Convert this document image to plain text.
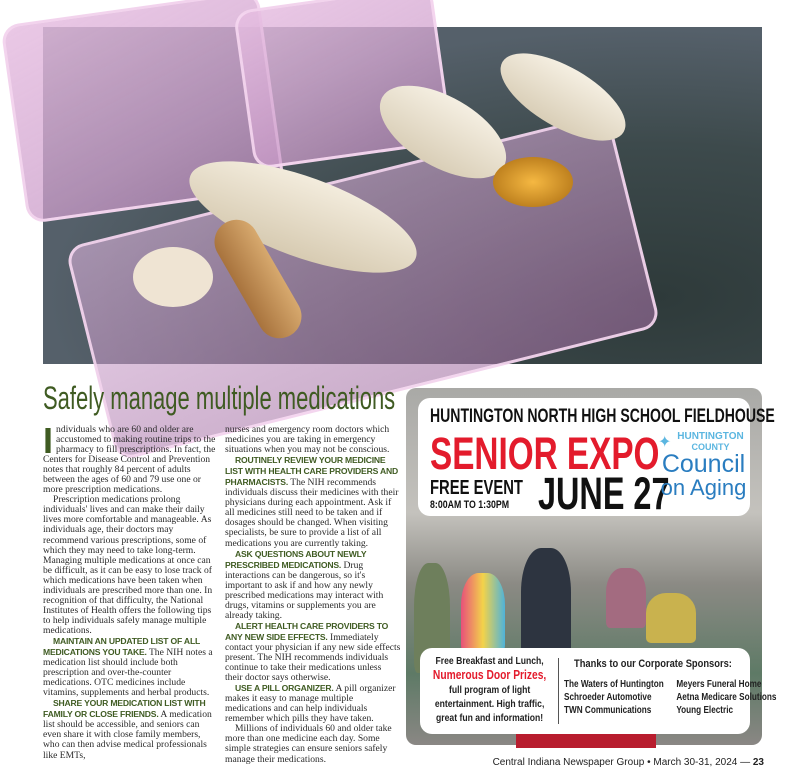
Safely manage multiple medications

Individuals who are 60 and older are accustomed to making routine trips to the pharmacy to fill prescriptions. In fact, the Centers for Disease Control and Prevention notes that roughly 84 percent of adults between the ages of 60 and 79 use one or more prescription medications.

Prescription medications prolong individuals' lives and can make their daily lives more comfortable and manageable. As individuals age, their doctors may recommend various prescriptions, some of which they may need to take long-term. Managing multiple medications at once can be difficult, as it can be easy to lose track of which medications have been taken when individuals are prescribed more than one. In recognition of that difficulty, the National Institutes of Health offers the following tips to help individuals safely manage multiple medications.

MAINTAIN AN UPDATED LIST OF ALL MEDICATIONS YOU TAKE. The NIH notes a medication list should include both prescription and over-the-counter medications. OTC medicines include vitamins, supplements and herbal products.

SHARE YOUR MEDICATION LIST WITH FAMILY OR CLOSE FRIENDS. A medication list should be accessible, and seniors can even share it with close family members, who can then advise medical professionals like EMTs,

nurses and emergency room doctors which medicines you are taking in emergency situations when you may not be conscious.

ROUTINELY REVIEW YOUR MEDICINE LIST WITH HEALTH CARE PROVIDERS AND PHARMACISTS. The NIH recommends individuals discuss their medicines with their physicians during each appointment. Ask if all medicines still need to be taken and if dosages should be changed. When visiting specialists, be sure to provide a list of all medications you are currently taking.

ASK QUESTIONS ABOUT NEWLY PRESCRIBED MEDICATIONS. Drug interactions can be dangerous, so it's important to ask if and how any newly prescribed medications may interact with drugs, vitamins or supplements you are already taking.

ALERT HEALTH CARE PROVIDERS TO ANY NEW SIDE EFFECTS. Immediately contact your physician if any new side effects present. The NIH recommends individuals continue to take their medications unless their doctor says otherwise.

USE A PILL ORGANIZER. A pill organizer makes it easy to manage multiple medications and can help individuals remember which pills they have taken.

Millions of individuals 60 and older take more than one medicine each day. Some simple strategies can ensure seniors safely manage their medications.

HUNTINGTON NORTH HIGH SCHOOL FIELDHOUSE
SENIOR EXPO
FREE EVENT
8:00AM TO 1:30PM JUNE 27
✦ HUNTINGTON
COUNTY
Council
on Aging
Free Breakfast and Lunch,
Numerous Door Prizes,
full program of light
entertainment. High traffic,
great fun and information!
Thanks to our Corporate Sponsors:
The Waters of Huntington
Schroeder Automotive
TWN Communications
Meyers Funeral Home
Aetna Medicare Solutions
Young Electric
Central Indiana Newspaper Group • March 30-31, 2024 — 23
